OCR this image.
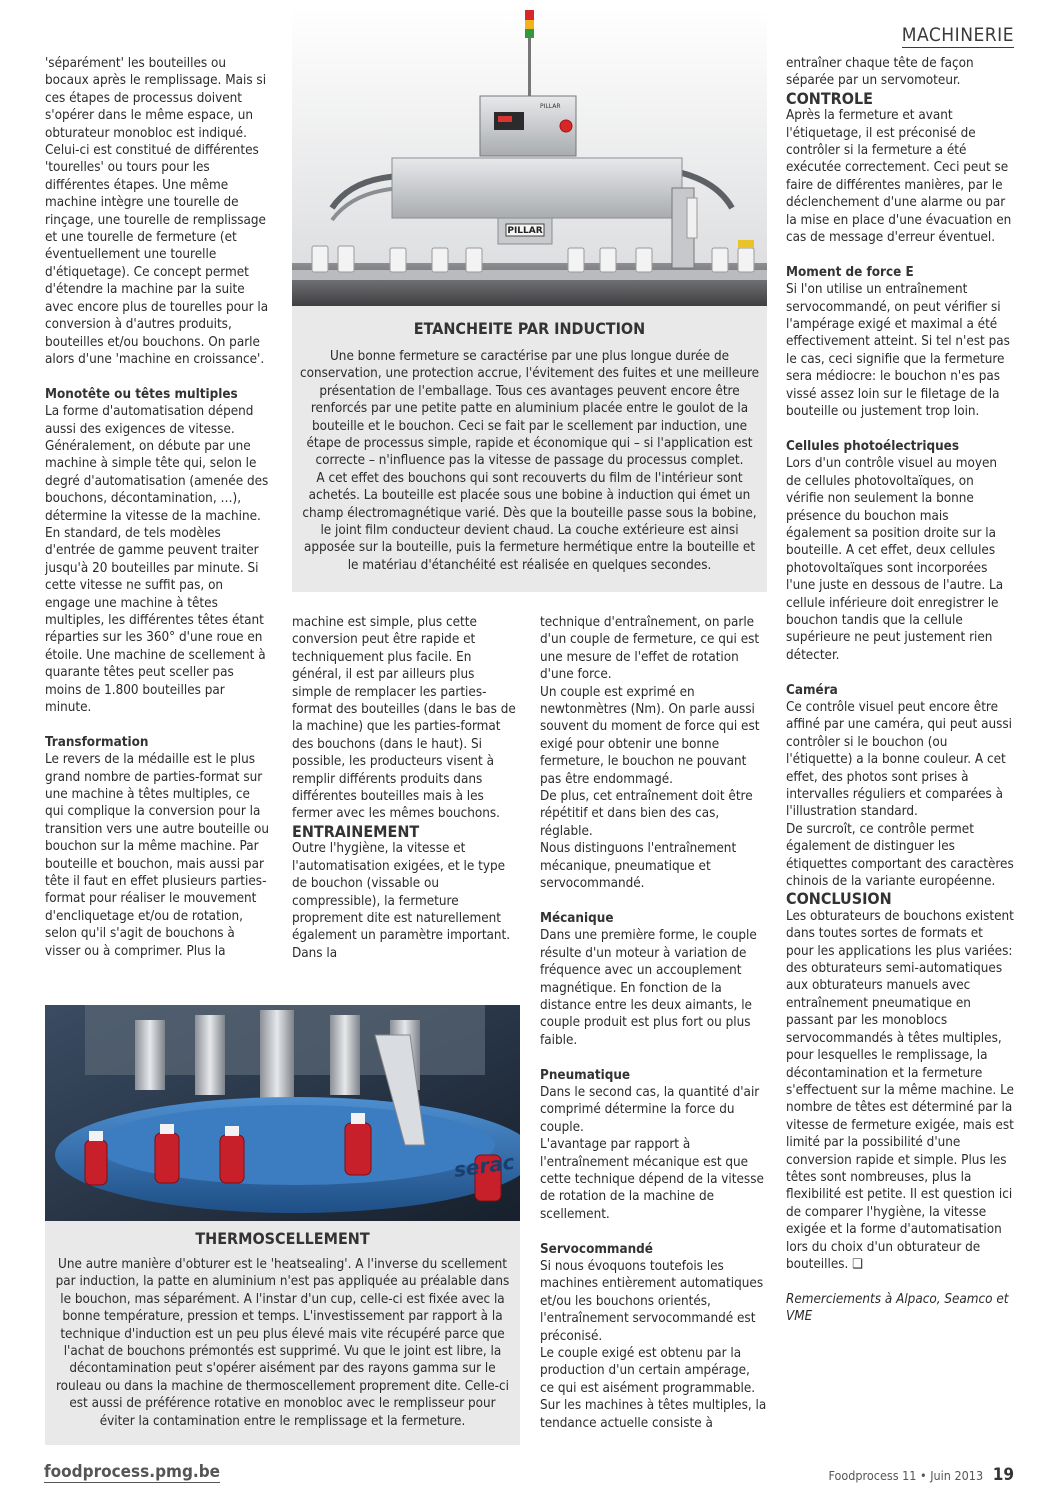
MACHINERIE

'séparément' les bouteilles ou bocaux après le remplissage. Mais si ces étapes de processus doivent s'opérer dans le même espace, un obturateur monobloc est indiqué. Celui-ci est constitué de différentes 'tourelles' ou tours pour les différentes étapes. Une même machine intègre une tourelle de rinçage, une tourelle de remplissage et une tourelle de fermeture (et éventuellement une tourelle d'étiquetage). Ce concept permet d'étendre la machine par la suite avec encore plus de tourelles pour la conversion à d'autres produits, bouteilles et/ou bouchons. On parle alors d'une 'machine en croissance'.

Monotête ou têtes multiples

La forme d'automatisation dépend aussi des exigences de vitesse. Généralement, on débute par une machine à simple tête qui, selon le degré d'automatisation (amenée des bouchons, décontamination, …), détermine la vitesse de la machine. En standard, de tels modèles d'entrée de gamme peuvent traiter jusqu'à 20 bouteilles par minute. Si cette vitesse ne suffit pas, on engage une machine à têtes multiples, les différentes têtes étant réparties sur les 360° d'une roue en étoile. Une machine de scellement à quarante têtes peut sceller pas moins de 1.800 bouteilles par minute.

Transformation

Le revers de la médaille est le plus grand nombre de parties-format sur une machine à têtes multiples, ce qui complique la conversion pour la transition vers une autre bouteille ou bouchon sur la même machine. Par bouteille et bouchon, mais aussi par tête il faut en effet plusieurs parties-format pour réaliser le mouvement d'encliquetage et/ou de rotation, selon qu'il s'agit de bouchons à visser ou à comprimer. Plus la

PILLAR
PILLAR
ETANCHEITE PAR INDUCTION
Une bonne fermeture se caractérise par une plus longue durée de conservation, une protection accrue, l'évitement des fuites et une meilleure présentation de l'emballage. Tous ces avantages peuvent encore être renforcés par une petite patte en aluminium placée entre le goulot de la bouteille et le bouchon. Ceci se fait par le scellement par induction, une étape de processus simple, rapide et économique qui – si l'application est correcte – n'influence pas la vitesse de passage du processus complet.
A cet effet des bouchons qui sont recouverts du film de l'intérieur sont achetés. La bouteille est placée sous une bobine à induction qui émet un champ électromagnétique varié. Dès que la bouteille passe sous la bobine, le joint film conducteur devient chaud. La couche extérieure est ainsi apposée sur la bouteille, puis la fermeture hermétique entre la bouteille et le matériau d'étanchéité est réalisée en quelques secondes.

machine est simple, plus cette conversion peut être rapide et techniquement plus facile. En général, il est par ailleurs plus simple de remplacer les parties-format des bouteilles (dans le bas de la machine) que les parties-format des bouchons (dans le haut). Si possible, les producteurs visent à remplir différents produits dans différentes bouteilles mais à les fermer avec les mêmes bouchons.

ENTRAINEMENT

Outre l'hygiène, la vitesse et l'automatisation exigées, et le type de bouchon (vissable ou compressible), la fermeture proprement dite est naturellement également un paramètre important. Dans la

technique d'entraînement, on parle d'un couple de fermeture, ce qui est une mesure de l'effet de rotation d'une force.

Un couple est exprimé en newtonmètres (Nm). On parle aussi souvent du moment de force qui est exigé pour obtenir une bonne fermeture, le bouchon ne pouvant pas être endommagé.

De plus, cet entraînement doit être répétitif et dans bien des cas, réglable.

Nous distinguons l'entraînement mécanique, pneumatique et servocommandé.

Mécanique

Dans une première forme, le couple résulte d'un moteur à variation de fréquence avec un accouplement magnétique. En fonction de la distance entre les deux aimants, le couple produit est plus fort ou plus faible.

Pneumatique

Dans le second cas, la quantité d'air comprimé détermine la force du couple.

L'avantage par rapport à l'entraînement mécanique est que cette technique dépend de la vitesse de rotation de la machine de scellement.

Servocommandé

Si nous évoquons toutefois les machines entièrement automatiques et/ou les bouchons orientés, l'entraînement servocommandé est préconisé.

Le couple exigé est obtenu par la production d'un certain ampérage, ce qui est aisément programmable. Sur les machines à têtes multiples, la tendance actuelle consiste à

entraîner chaque tête de façon séparée par un servomoteur.

CONTROLE

Après la fermeture et avant l'étiquetage, il est préconisé de contrôler si la fermeture a été exécutée correctement. Ceci peut se faire de différentes manières, par le déclenchement d'une alarme ou par la mise en place d'une évacuation en cas de message d'erreur éventuel.

Moment de force E

Si l'on utilise un entraînement servocommandé, on peut vérifier si l'ampérage exigé et maximal a été effectivement atteint. Si tel n'est pas le cas, ceci signifie que la fermeture sera médiocre: le bouchon n'es pas vissé assez loin sur le filetage de la bouteille ou justement trop loin.

Cellules photoélectriques

Lors d'un contrôle visuel au moyen de cellules photovoltaïques, on vérifie non seulement la bonne présence du bouchon mais également sa position droite sur la bouteille. A cet effet, deux cellules photovoltaïques sont incorporées l'une juste en dessous de l'autre. La cellule inférieure doit enregistrer le bouchon tandis que la cellule supérieure ne peut justement rien détecter.

Caméra

Ce contrôle visuel peut encore être affiné par une caméra, qui peut aussi contrôler si le bouchon (ou l'étiquette) a la bonne couleur. A cet effet, des photos sont prises à intervalles réguliers et comparées à l'illustration standard.

De surcroît, ce contrôle permet également de distinguer les étiquettes comportant des caractères chinois de la variante européenne.

CONCLUSION

Les obturateurs de bouchons existent dans toutes sortes de formats et pour les applications les plus variées: des obturateurs semi-automatiques aux obturateurs manuels avec entraînement pneumatique en passant par les monoblocs servocommandés à têtes multiples, pour lesquelles le remplissage, la décontamination et la fermeture s'effectuent sur la même machine. Le nombre de têtes est déterminé par la vitesse de fermeture exigée, mais est limité par la possibilité d'une conversion rapide et simple. Plus les têtes sont nombreuses, plus la flexibilité est petite. Il est question ici de comparer l'hygiène, la vitesse exigée et la forme d'automatisation lors du choix d'un obturateur de bouteilles. ❑

Remerciements à Alpaco, Seamco et VME

serac
THERMOSCELLEMENT
Une autre manière d'obturer est le 'heatsealing'. A l'inverse du scellement par induction, la patte en aluminium n'est pas appliquée au préalable dans le bouchon, mas séparément. A l'instar d'un cup, celle-ci est fixée avec la bonne température, pression et temps. L'investissement par rapport à la technique d'induction est un peu plus élevé mais vite récupéré parce que l'achat de bouchons prémontés est supprimé. Vu que le joint est libre, la décontamination peut s'opérer aisément par des rayons gamma sur le rouleau ou dans la machine de thermoscellement proprement dite. Celle-ci est aussi de préférence rotative en monobloc avec le remplisseur pour éviter la contamination entre le remplissage et la fermeture.
foodprocess.pmg.be	Foodprocess 11 • Juin 2013 19
